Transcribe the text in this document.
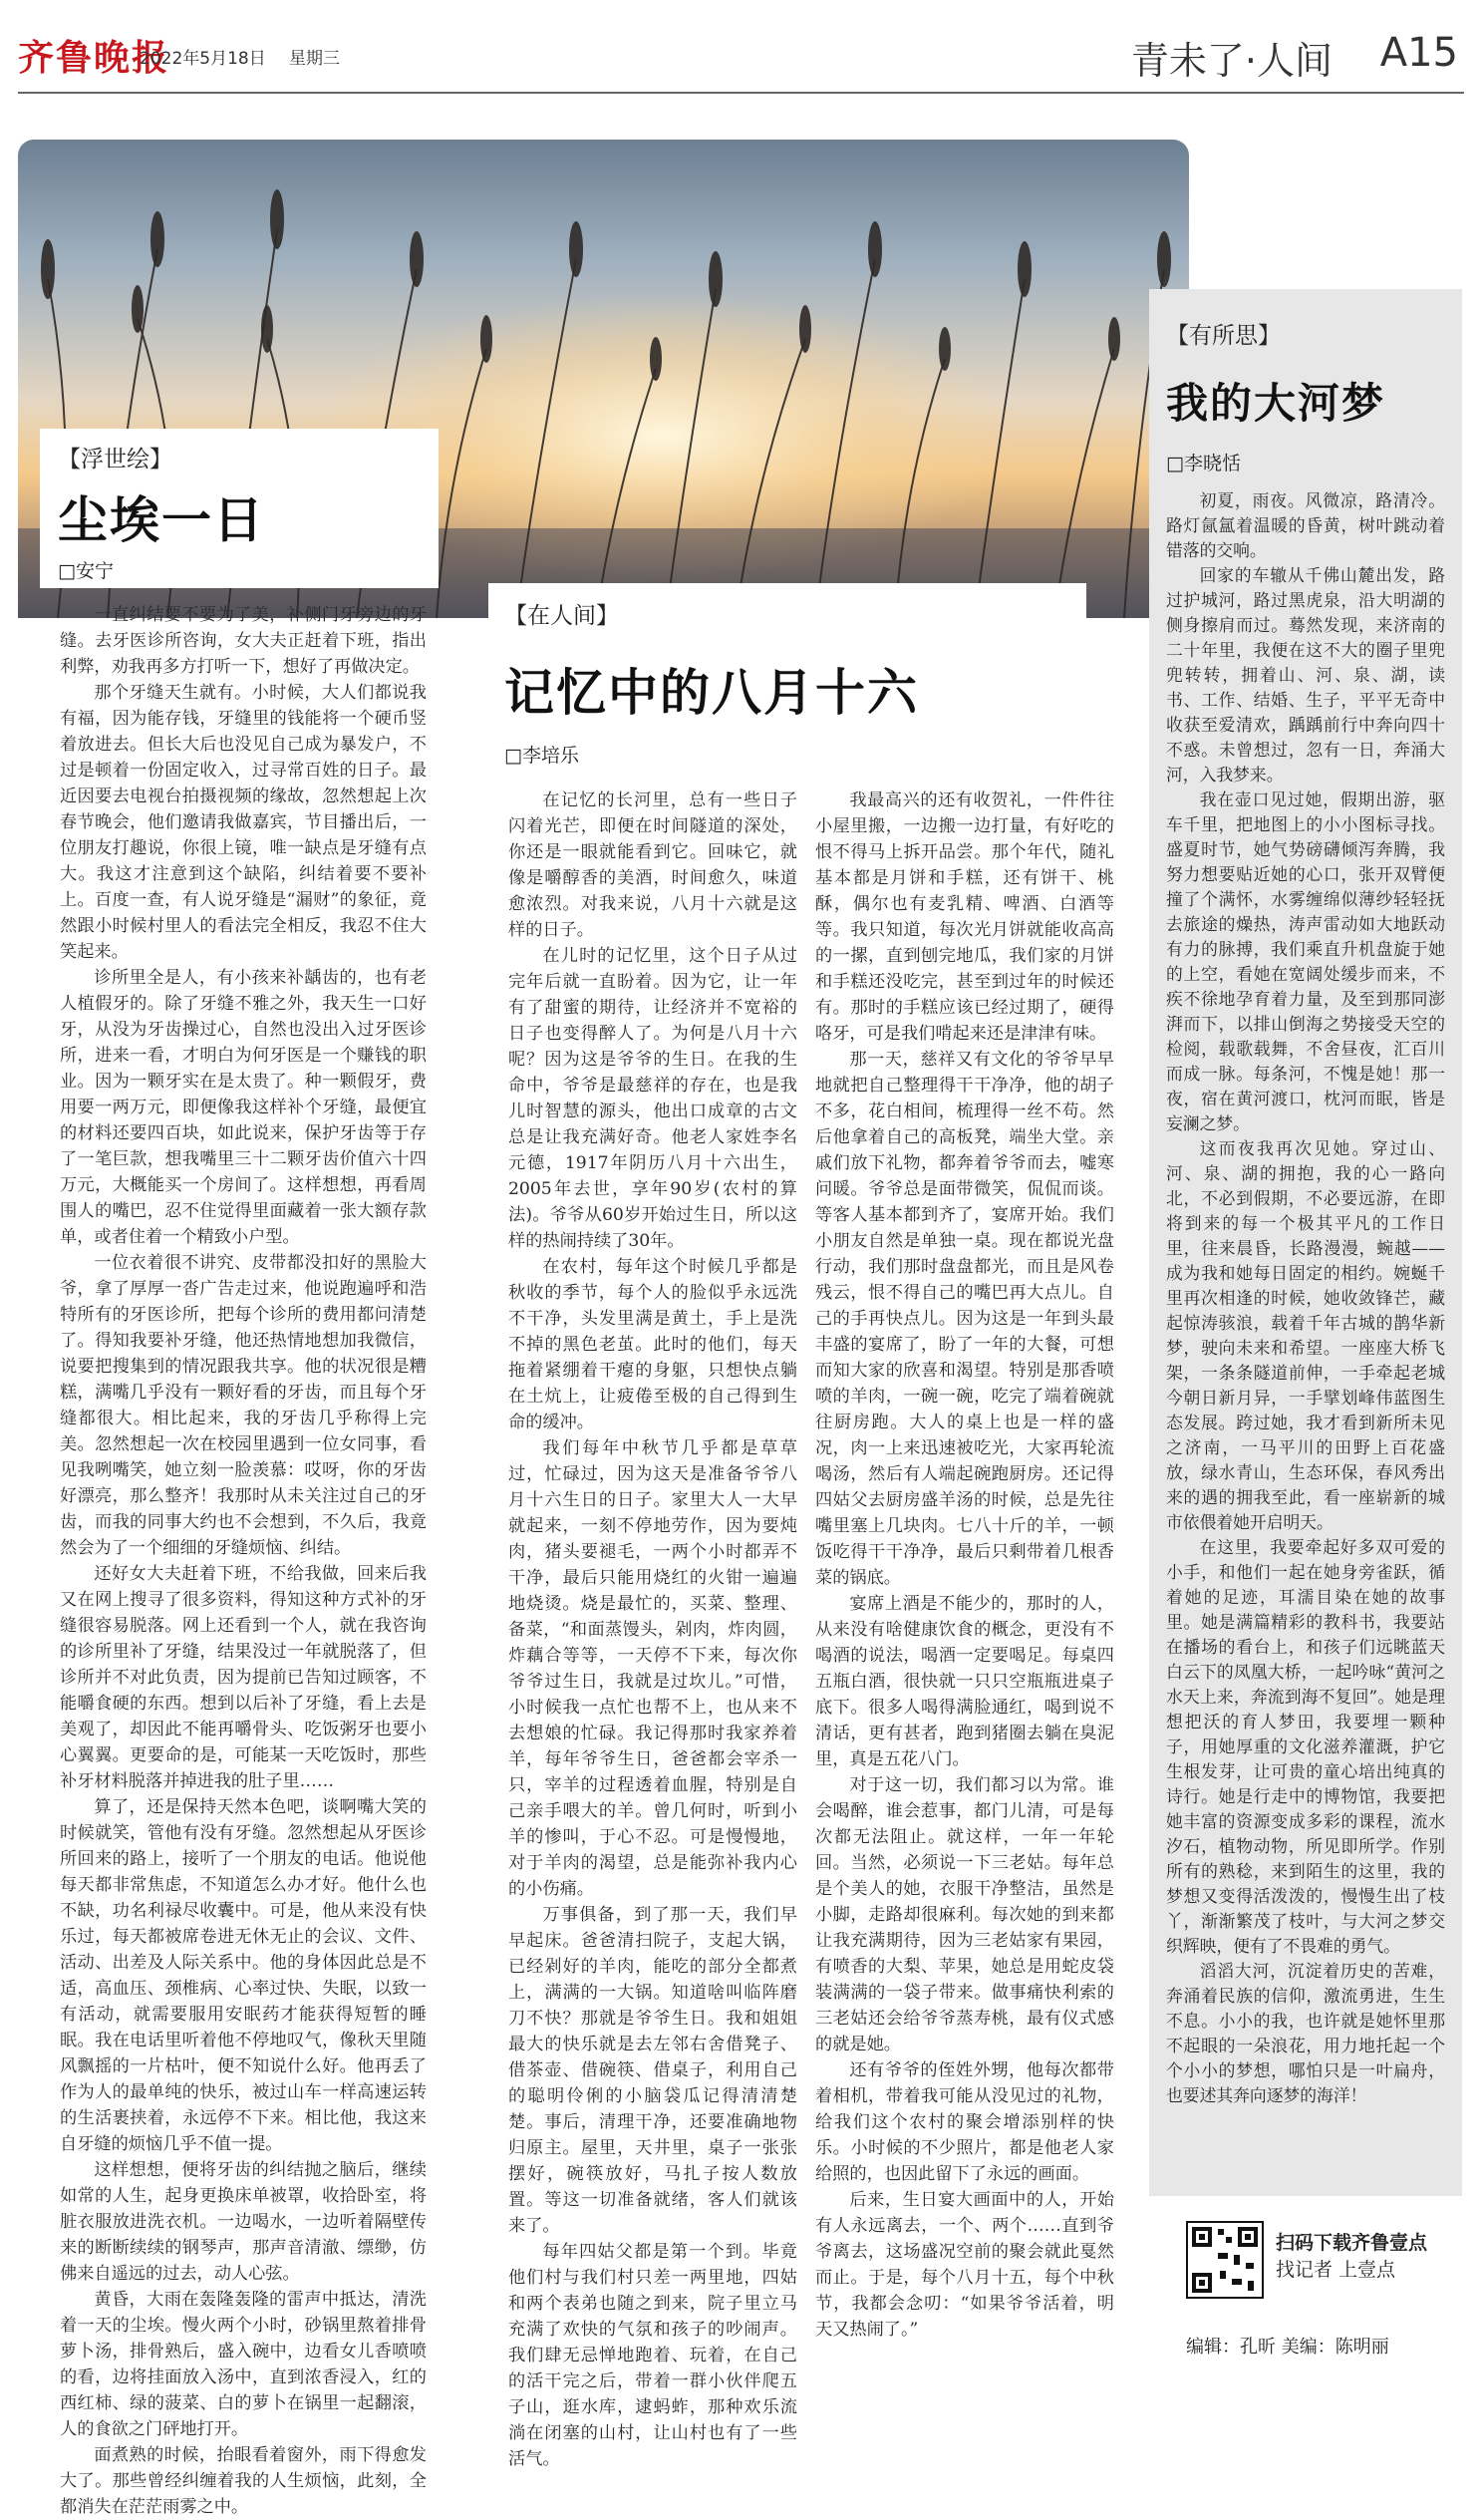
齐鲁晚报
2022年5月18日 星期三	青未了·人间 A15
【浮世绘】
尘埃一日
□安宁

一直纠结要不要为了美，补侧门牙旁边的牙缝。去牙医诊所咨询，女大夫正赶着下班，指出利弊，劝我再多方打听一下，想好了再做决定。

那个牙缝天生就有。小时候，大人们都说我有福，因为能存钱，牙缝里的钱能将一个硬币竖着放进去。但长大后也没见自己成为暴发户，不过是顿着一份固定收入，过寻常百姓的日子。最近因要去电视台拍摄视频的缘故，忽然想起上次春节晚会，他们邀请我做嘉宾，节目播出后，一位朋友打趣说，你很上镜，唯一缺点是牙缝有点大。我这才注意到这个缺陷，纠结着要不要补上。百度一查，有人说牙缝是“漏财”的象征，竟然跟小时候村里人的看法完全相反，我忍不住大笑起来。

诊所里全是人，有小孩来补龋齿的，也有老人植假牙的。除了牙缝不雅之外，我天生一口好牙，从没为牙齿操过心，自然也没出入过牙医诊所，进来一看，才明白为何牙医是一个赚钱的职业。因为一颗牙实在是太贵了。种一颗假牙，费用要一两万元，即便像我这样补个牙缝，最便宜的材料还要四百块，如此说来，保护牙齿等于存了一笔巨款，想我嘴里三十二颗牙齿价值六十四万元，大概能买一个房间了。这样想想，再看周围人的嘴巴，忍不住觉得里面藏着一张大额存款单，或者住着一个精致小户型。

一位衣着很不讲究、皮带都没扣好的黑脸大爷，拿了厚厚一沓广告走过来，他说跑遍呼和浩特所有的牙医诊所，把每个诊所的费用都问清楚了。得知我要补牙缝，他还热情地想加我微信，说要把搜集到的情况跟我共享。他的状况很是糟糕，满嘴几乎没有一颗好看的牙齿，而且每个牙缝都很大。相比起来，我的牙齿几乎称得上完美。忽然想起一次在校园里遇到一位女同事，看见我咧嘴笑，她立刻一脸羡慕：哎呀，你的牙齿好漂亮，那么整齐！我那时从未关注过自己的牙齿，而我的同事大约也不会想到，不久后，我竟然会为了一个细细的牙缝烦恼、纠结。

还好女大夫赶着下班，不给我做，回来后我又在网上搜寻了很多资料，得知这种方式补的牙缝很容易脱落。网上还看到一个人，就在我咨询的诊所里补了牙缝，结果没过一年就脱落了，但诊所并不对此负责，因为提前已告知过顾客，不能嚼食硬的东西。想到以后补了牙缝，看上去是美观了，却因此不能再嚼骨头、吃饭粥牙也要小心翼翼。更要命的是，可能某一天吃饭时，那些补牙材料脱落并掉进我的肚子里……

算了，还是保持天然本色吧，谈啊嘴大笑的时候就笑，管他有没有牙缝。忽然想起从牙医诊所回来的路上，接听了一个朋友的电话。他说他每天都非常焦虑，不知道怎么办才好。他什么也不缺，功名利禄尽收囊中。可是，他从来没有快乐过，每天都被席卷进无休无止的会议、文件、活动、出差及人际关系中。他的身体因此总是不适，高血压、颈椎病、心率过快、失眠，以致一有活动，就需要服用安眠药才能获得短暂的睡眠。我在电话里听着他不停地叹气，像秋天里随风飘摇的一片枯叶，便不知说什么好。他再丢了作为人的最单纯的快乐，被过山车一样高速运转的生活裹挟着，永远停不下来。相比他，我这来自牙缝的烦恼几乎不值一提。

这样想想，便将牙齿的纠结抛之脑后，继续如常的人生，起身更换床单被罩，收拾卧室，将脏衣服放进洗衣机。一边喝水，一边听着隔壁传来的断断续续的钢琴声，那声音清澈、缥缈，仿佛来自遥远的过去，动人心弦。

黄昏，大雨在轰隆轰隆的雷声中抵达，清洗着一天的尘埃。慢火两个小时，砂锅里熬着排骨萝卜汤，排骨熟后，盛入碗中，边看女儿香喷喷的看，边将挂面放入汤中，直到浓香浸入，红的西红柿、绿的菠菜、白的萝卜在锅里一起翻滚，人的食欲之门砰地打开。

面煮熟的时候，抬眼看着窗外，雨下得愈发大了。那些曾经纠缠着我的人生烦恼，此刻，全都消失在茫茫雨雾之中。

【在人间】
记忆中的八月十六
□李培乐

在记忆的长河里，总有一些日子闪着光芒，即便在时间隧道的深处，你还是一眼就能看到它。回味它，就像是嚼醇香的美酒，时间愈久，味道愈浓烈。对我来说，八月十六就是这样的日子。

在儿时的记忆里，这个日子从过完年后就一直盼着。因为它，让一年有了甜蜜的期待，让经济并不宽裕的日子也变得醉人了。为何是八月十六呢？因为这是爷爷的生日。在我的生命中，爷爷是最慈祥的存在，也是我儿时智慧的源头，他出口成章的古文总是让我充满好奇。他老人家姓李名元德，1917年阴历八月十六出生，2005年去世，享年90岁(农村的算法)。爷爷从60岁开始过生日，所以这样的热闹持续了30年。

在农村，每年这个时候几乎都是秋收的季节，每个人的脸似乎永远洗不干净，头发里满是黄土，手上是洗不掉的黑色老茧。此时的他们，每天拖着紧绷着干瘪的身躯，只想快点躺在土炕上，让疲倦至极的自己得到生命的缓冲。

我们每年中秋节几乎都是草草过，忙碌过，因为这天是准备爷爷八月十六生日的日子。家里大人一大早就起来，一刻不停地劳作，因为要炖肉，猪头要褪毛，一两个小时都弄不干净，最后只能用烧红的火钳一遍遍地烧烫。烧是最忙的，买菜、整理、备菜，“和面蒸馒头，剁肉，炸肉圆，炸藕合等等，一天停不下来，每次你爷爷过生日，我就是过坎儿。”可惜，小时候我一点忙也帮不上，也从来不去想娘的忙碌。我记得那时我家养着羊，每年爷爷生日，爸爸都会宰杀一只，宰羊的过程透着血腥，特别是自己亲手喂大的羊。曾几何时，听到小羊的惨叫，于心不忍。可是慢慢地，对于羊肉的渴望，总是能弥补我内心的小伤痛。

万事俱备，到了那一天，我们早早起床。爸爸清扫院子，支起大锅，已经剁好的羊肉，能吃的部分全都煮上，满满的一大锅。知道啥叫临阵磨刀不快？那就是爷爷生日。我和姐姐最大的快乐就是去左邻右舍借凳子、借茶壶、借碗筷、借桌子，利用自己的聪明伶俐的小脑袋瓜记得清清楚楚。事后，清理干净，还要准确地物归原主。屋里，天井里，桌子一张张摆好，碗筷放好，马扎子按人数放置。等这一切准备就绪，客人们就该来了。

每年四姑父都是第一个到。毕竟他们村与我们村只差一两里地，四姑和两个表弟也随之到来，院子里立马充满了欢快的气氛和孩子的吵闹声。我们肆无忌惮地跑着、玩着，在自己的活干完之后，带着一群小伙伴爬五子山，逛水库，逮蚂蚱，那种欢乐流淌在闭塞的山村，让山村也有了一些活气。

我最高兴的还有收贺礼，一件件往小屋里搬，一边搬一边打量，有好吃的恨不得马上拆开品尝。那个年代，随礼基本都是月饼和手糕，还有饼干、桃酥，偶尔也有麦乳精、啤酒、白酒等等。我只知道，每次光月饼就能收高高的一摞，直到刨完地瓜，我们家的月饼和手糕还没吃完，甚至到过年的时候还有。那时的手糕应该已经过期了，硬得咯牙，可是我们啃起来还是津津有味。

那一天，慈祥又有文化的爷爷早早地就把自己整理得干干净净，他的胡子不多，花白相间，梳理得一丝不苟。然后他拿着自己的高板凳，端坐大堂。亲戚们放下礼物，都奔着爷爷而去，嘘寒问暖。爷爷总是面带微笑，侃侃而谈。等客人基本都到齐了，宴席开始。我们小朋友自然是单独一桌。现在都说光盘行动，我们那时盘盘都光，而且是风卷残云，恨不得自己的嘴巴再大点儿。自己的手再快点儿。因为这是一年到头最丰盛的宴席了，盼了一年的大餐，可想而知大家的欣喜和渴望。特别是那香喷喷的羊肉，一碗一碗，吃完了端着碗就往厨房跑。大人的桌上也是一样的盛况，肉一上来迅速被吃光，大家再轮流喝汤，然后有人端起碗跑厨房。还记得四姑父去厨房盛羊汤的时候，总是先往嘴里塞上几块肉。七八十斤的羊，一顿饭吃得干干净净，最后只剩带着几根香菜的锅底。

宴席上酒是不能少的，那时的人，从来没有啥健康饮食的概念，更没有不喝酒的说法，喝酒一定要喝足。每桌四五瓶白酒，很快就一只只空瓶瓶进桌子底下。很多人喝得满脸通红，喝到说不清话，更有甚者，跑到猪圈去躺在臭泥里，真是五花八门。

对于这一切，我们都习以为常。谁会喝醉，谁会惹事，都门儿清，可是每次都无法阻止。就这样，一年一年轮回。当然，必须说一下三老姑。每年总是个美人的她，衣服干净整洁，虽然是小脚，走路却很麻利。每次她的到来都让我充满期待，因为三老姑家有果园，有喷香的大梨、苹果，她总是用蛇皮袋装满满的一袋子带来。做事痛快利索的三老姑还会给爷爷蒸寿桃，最有仪式感的就是她。

还有爷爷的侄姓外甥，他每次都带着相机，带着我可能从没见过的礼物，给我们这个农村的聚会增添别样的快乐。小时候的不少照片，都是他老人家给照的，也因此留下了永远的画面。

后来，生日宴大画面中的人，开始有人永远离去，一个、两个……直到爷爷离去，这场盛况空前的聚会就此戛然而止。于是，每个八月十五，每个中秋节，我都会念叨：“如果爷爷活着，明天又热闹了。”

【有所思】
我的大河梦
□李晓恬

初夏，雨夜。风微凉，路清冷。路灯氤氲着温暖的昏黄，树叶跳动着错落的交响。

回家的车辙从千佛山麓出发，路过护城河，路过黑虎泉，沿大明湖的侧身擦肩而过。蓦然发现，来济南的二十年里，我便在这不大的圈子里兜兜转转，拥着山、河、泉、湖，读书、工作、结婚、生子，平平无奇中收获至爱清欢，踽踽前行中奔向四十不惑。未曾想过，忽有一日，奔涌大河，入我梦来。

我在壶口见过她，假期出游，驱车千里，把地图上的小小图标寻找。盛夏时节，她气势磅礴倾泻奔腾，我努力想要贴近她的心口，张开双臂便撞了个满怀，水雾缠绵似薄纱轻轻抚去旅途的燥热，涛声雷动如大地跃动有力的脉搏，我们乘直升机盘旋于她的上空，看她在宽阔处缓步而来，不疾不徐地孕育着力量，及至到那同澎湃而下，以排山倒海之势接受天空的检阅，载歌载舞，不舍昼夜，汇百川而成一脉。每条河，不愧是她！那一夜，宿在黄河渡口，枕河而眠，皆是妄澜之梦。

这而夜我再次见她。穿过山、河、泉、湖的拥抱，我的心一路向北，不必到假期，不必要远游，在即将到来的每一个极其平凡的工作日里，往来晨昏，长路漫漫，蜿越——成为我和她每日固定的相约。婉蜒千里再次相逢的时候，她收敛锋芒，藏起惊涛骇浪，载着千年古城的鹊华新梦，驶向未来和希望。一座座大桥飞架，一条条隧道前伸，一手牵起老城今朝日新月异，一手擘划峰伟蓝图生态发展。跨过她，我才看到新所未见之济南，一马平川的田野上百花盛放，绿水青山，生态环保，春风秀出来的遇的拥我至此，看一座崭新的城市依偎着她开启明天。

在这里，我要牵起好多双可爱的小手，和他们一起在她身旁雀跃，循着她的足迹，耳濡目染在她的故事里。她是满篇精彩的教科书，我要站在播场的看台上，和孩子们远眺蓝天白云下的凤凰大桥，一起吟咏“黄河之水天上来，奔流到海不复回”。她是理想把沃的育人梦田，我要埋一颗种子，用她厚重的文化滋养灌溉，护它生根发芽，让可贵的童心培出纯真的诗行。她是行走中的博物馆，我要把她丰富的资源变成多彩的课程，流水汐石，植物动物，所见即所学。作别所有的熟稔，来到陌生的这里，我的梦想又变得活泼泼的，慢慢生出了枝丫，渐渐繁茂了枝叶，与大河之梦交织辉映，便有了不畏难的勇气。

滔滔大河，沉淀着历史的苦难，奔涌着民族的信仰，激流勇进，生生不息。小小的我，也许就是她怀里那不起眼的一朵浪花，用力地托起一个个小小的梦想，哪怕只是一叶扁舟，也要述其奔向逐梦的海洋！

扫码下载齐鲁壹点
找记者 上壹点
编辑：孔昕 美编：陈明丽
